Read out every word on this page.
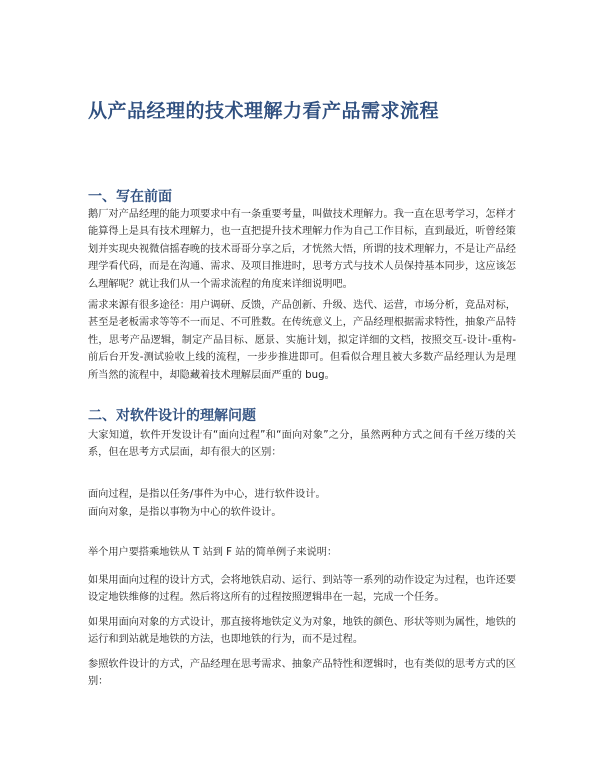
从产品经理的技术理解力看产品需求流程
一、写在前面

鹅厂对产品经理的能力项要求中有一条重要考量，叫做技术理解力。我一直在思考学习，怎样才能算得上是具有技术理解力，也一直把提升技术理解力作为自己工作目标，直到最近，听曾经策划并实现央视微信摇春晚的技术哥哥分享之后，才恍然大悟，所谓的技术理解力，不是让产品经理学看代码，而是在沟通、需求、及项目推进时，思考方式与技术人员保持基本同步，这应该怎么理解呢？就让我们从一个需求流程的角度来详细说明吧。

需求来源有很多途径：用户调研、反馈，产品创新、升级、迭代、运营，市场分析，竞品对标，甚至是老板需求等等不一而足、不可胜数。在传统意义上，产品经理根据需求特性，抽象产品特性，思考产品逻辑，制定产品目标、愿景、实施计划，拟定详细的文档，按照交互-设计-重构-前后台开发-测试验收上线的流程，一步步推进即可。但看似合理且被大多数产品经理认为是理所当然的流程中，却隐藏着技术理解层面严重的 bug。

二、对软件设计的理解问题

大家知道，软件开发设计有“面向过程”和“面向对象”之分，虽然两种方式之间有千丝万缕的关系，但在思考方式层面，却有很大的区别：

面向过程，是指以任务/事件为中心，进行软件设计。
面向对象，是指以事物为中心的软件设计。

举个用户要搭乘地铁从 T 站到 F 站的简单例子来说明：

如果用面向过程的设计方式，会将地铁启动、运行、到站等一系列的动作设定为过程，也许还要设定地铁维修的过程。然后将这所有的过程按照逻辑串在一起，完成一个任务。

如果用面向对象的方式设计，那直接将地铁定义为对象，地铁的颜色、形状等则为属性，地铁的运行和到站就是地铁的方法，也即地铁的行为，而不是过程。

参照软件设计的方式，产品经理在思考需求、抽象产品特性和逻辑时，也有类似的思考方式的区别：
